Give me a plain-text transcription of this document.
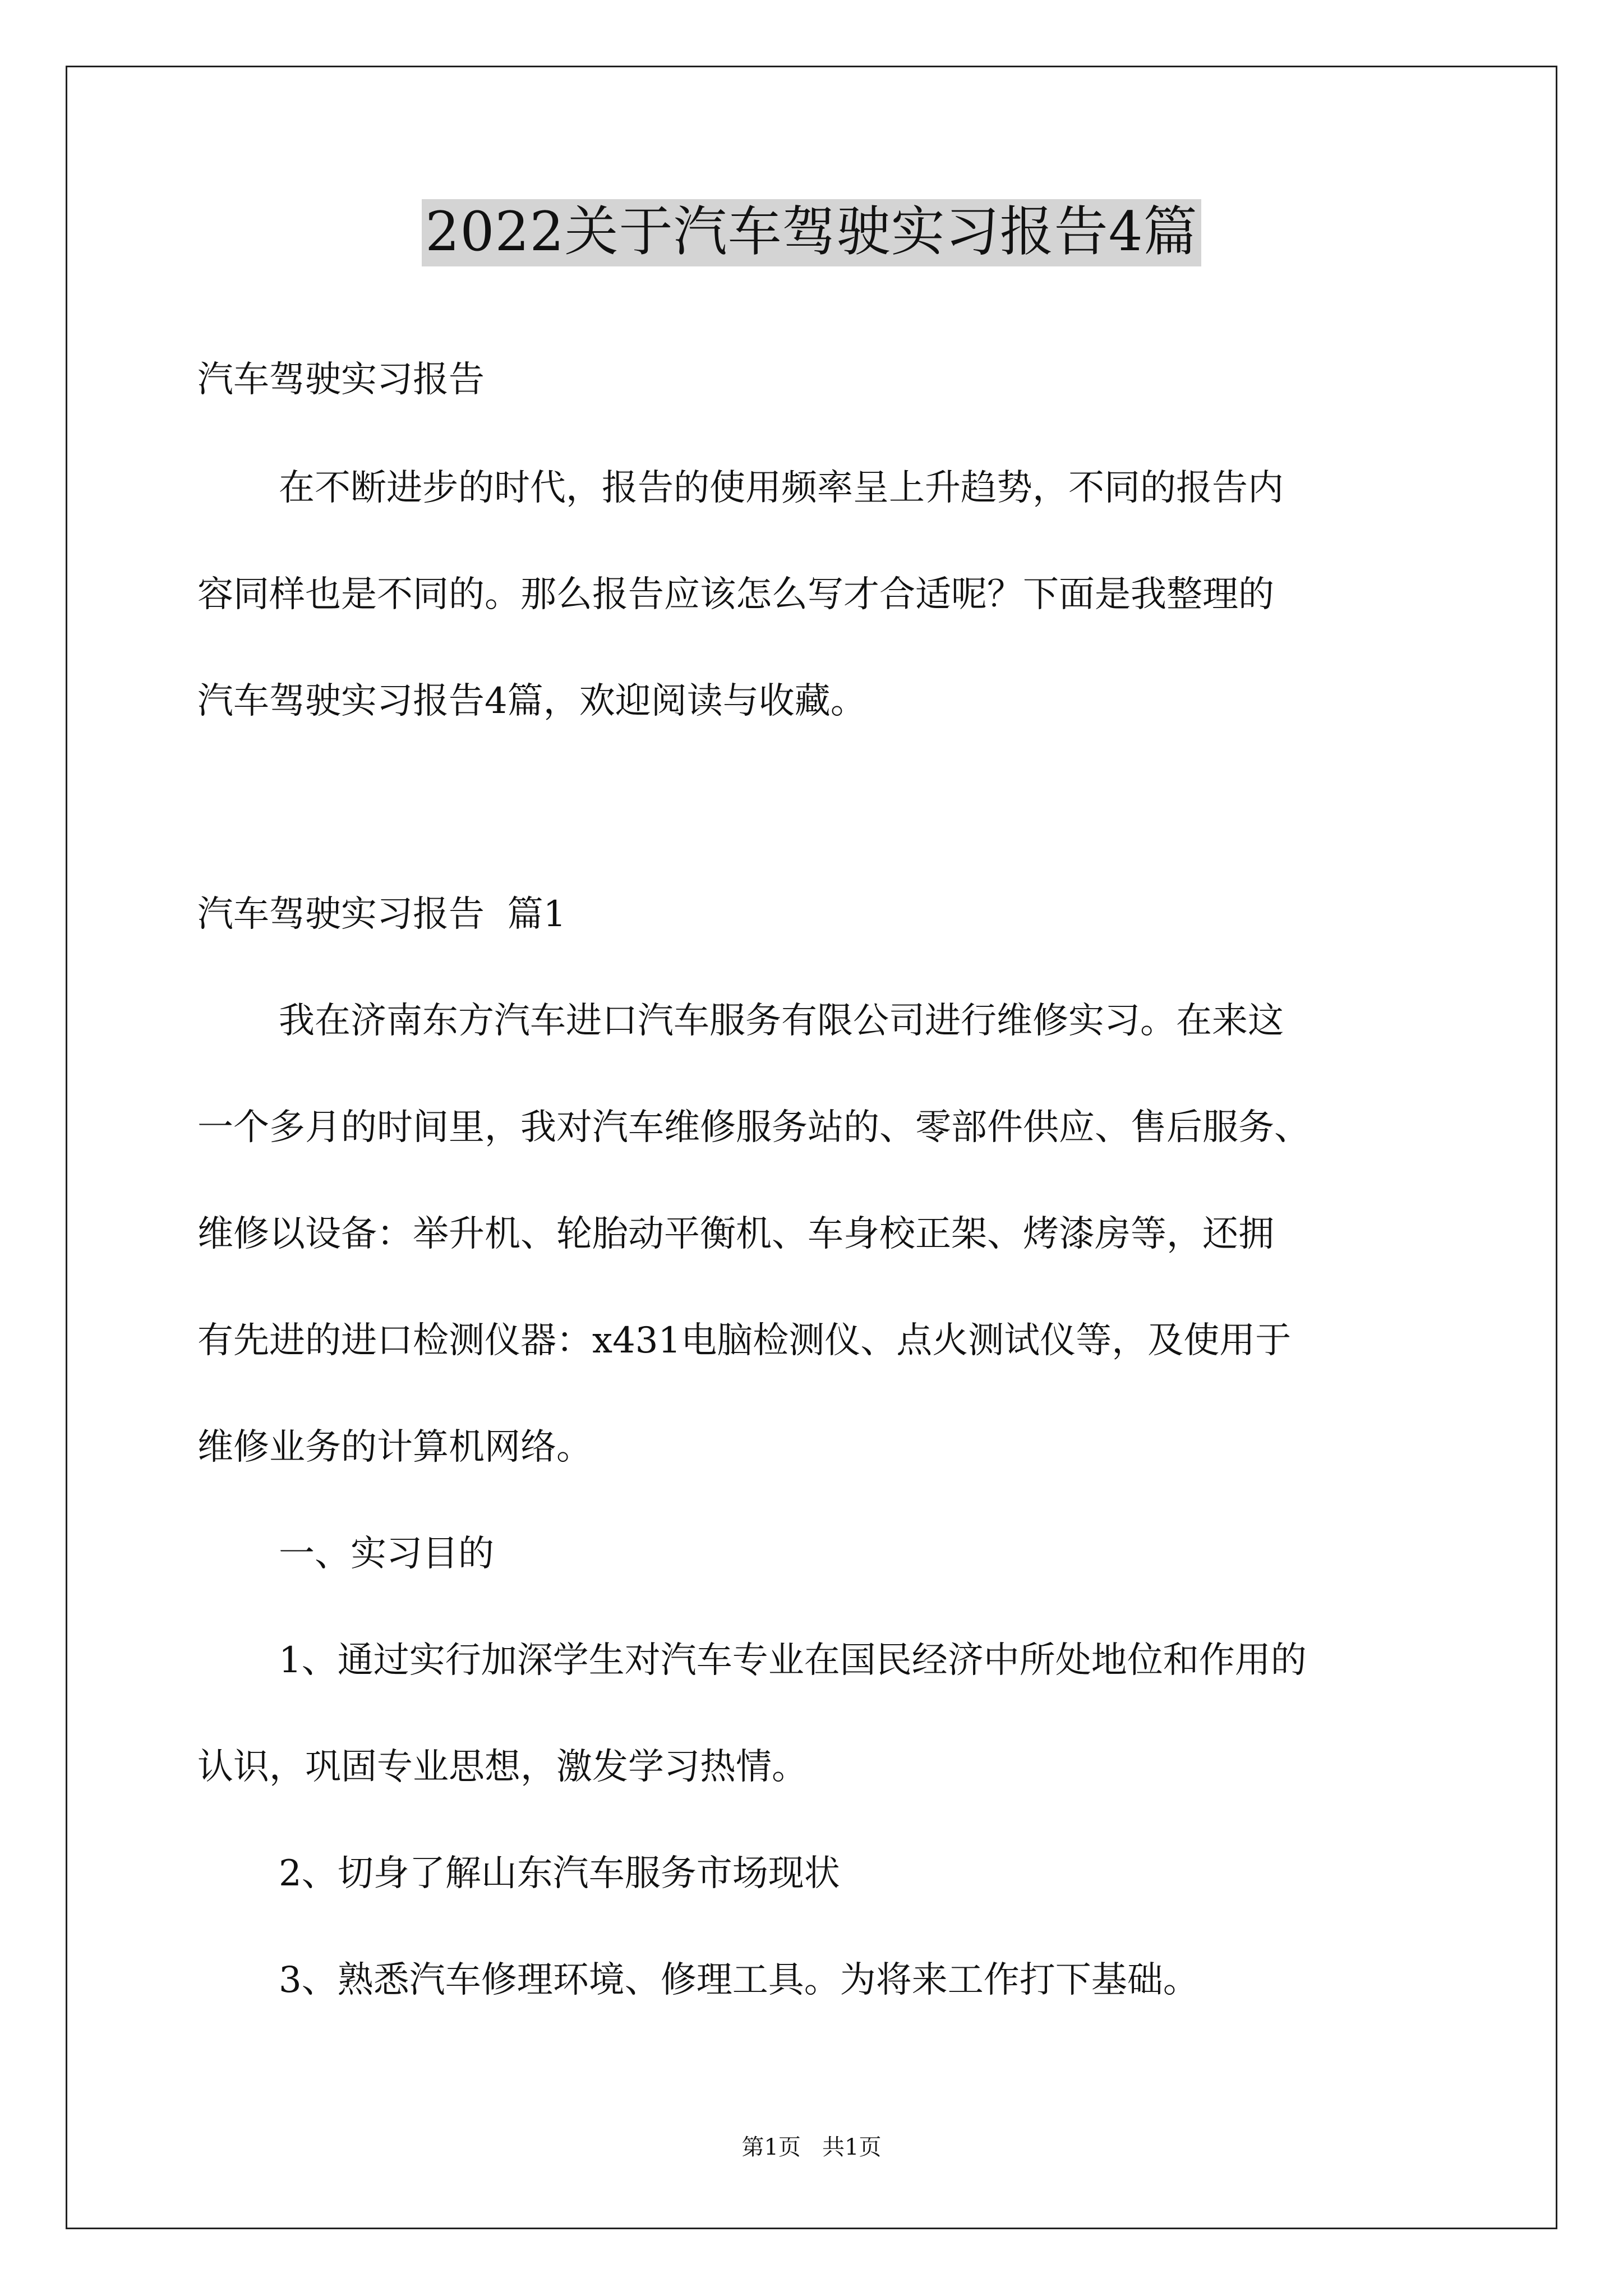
2022关于汽车驾驶实习报告4篇
汽车驾驶实习报告
在不断进步的时代，报告的使用频率呈上升趋势，不同的报告内
容同样也是不同的。那么报告应该怎么写才合适呢？下面是我整理的
汽车驾驶实习报告4篇，欢迎阅读与收藏。
汽车驾驶实习报告  篇1
我在济南东方汽车进口汽车服务有限公司进行维修实习。在来这
一个多月的时间里，我对汽车维修服务站的、零部件供应、售后服务、
维修以设备：举升机、轮胎动平衡机、车身校正架、烤漆房等，还拥
有先进的进口检测仪器：x431电脑检测仪、点火测试仪等，及使用于
维修业务的计算机网络。
一、实习目的
1、通过实行加深学生对汽车专业在国民经济中所处地位和作用的
认识，巩固专业思想，激发学习热情。
2、切身了解山东汽车服务市场现状
3、熟悉汽车修理环境、修理工具。为将来工作打下基础。
第1页   共1页
